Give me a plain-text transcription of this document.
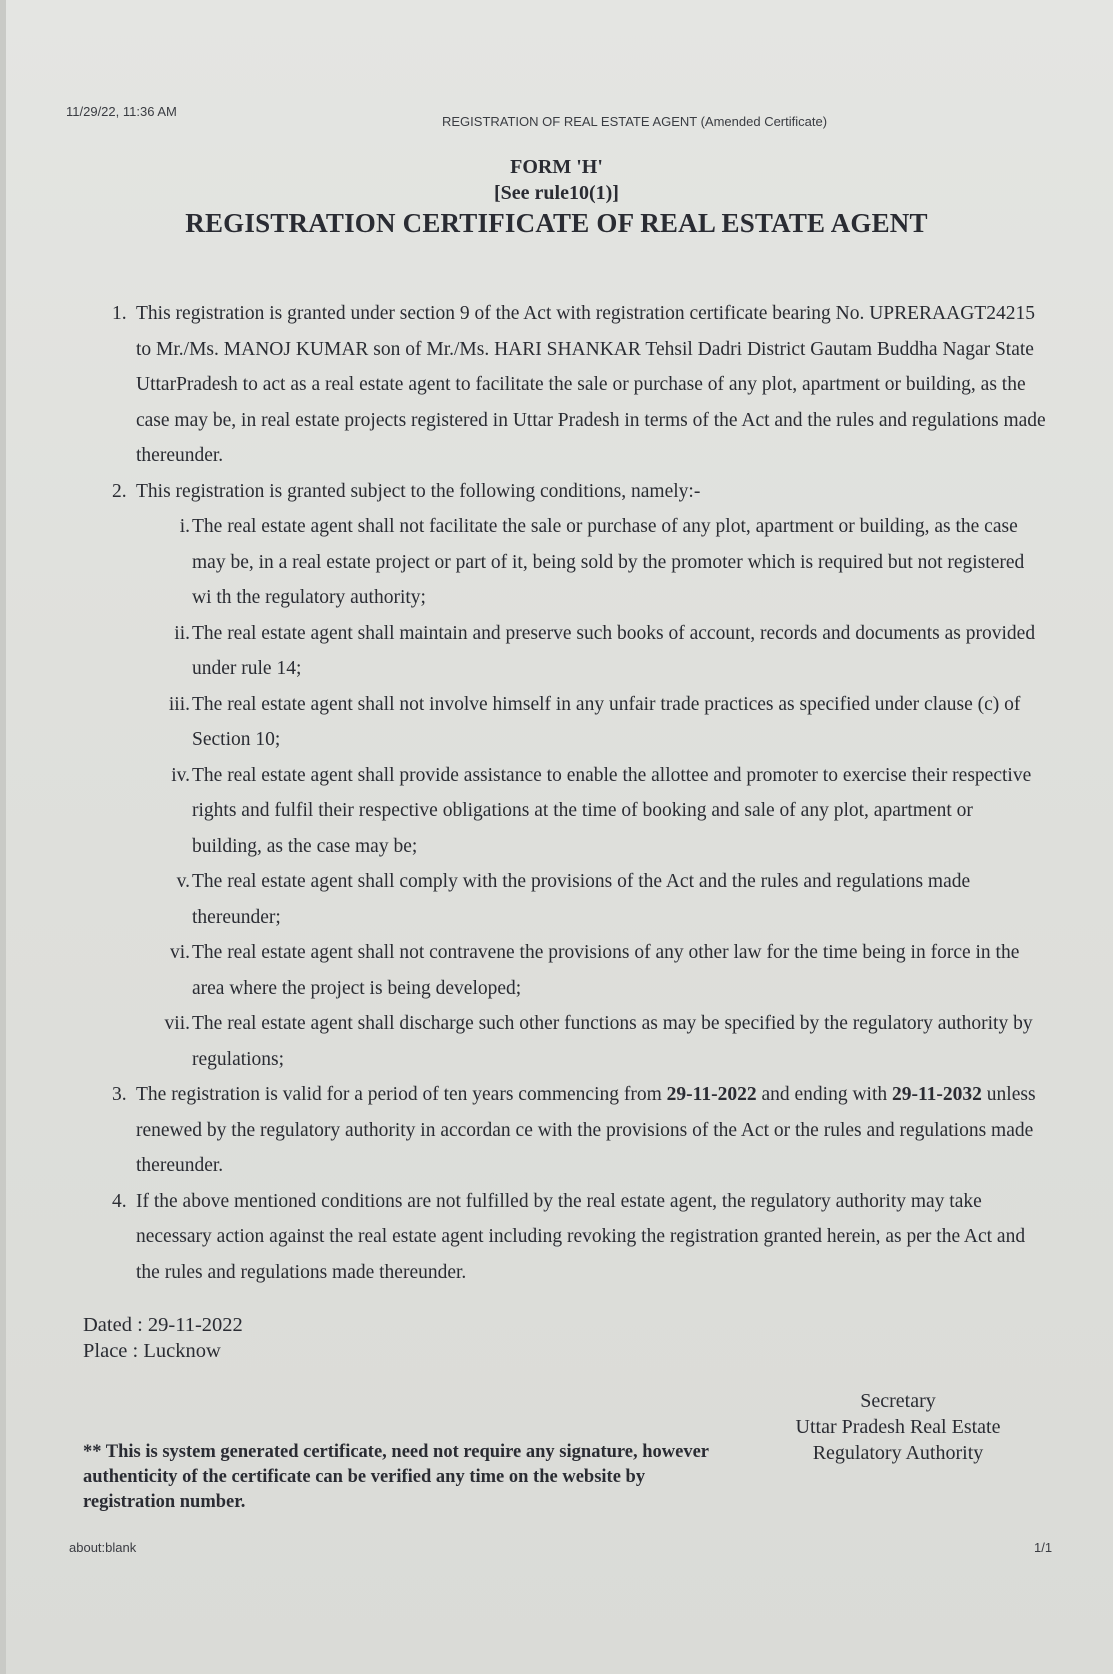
11/29/22, 11:36 AM
REGISTRATION OF REAL ESTATE AGENT (Amended Certificate)
FORM 'H'
[See rule10(1)]
REGISTRATION CERTIFICATE OF REAL ESTATE AGENT
1. This registration is granted under section 9 of the Act with registration certificate bearing No. UPRERAAGT24215 to Mr./Ms. MANOJ KUMAR son of Mr./Ms. HARI SHANKAR Tehsil Dadri District Gautam Buddha Nagar State UttarPradesh to act as a real estate agent to facilitate the sale or purchase of any plot, apartment or building, as the case may be, in real estate projects registered in Uttar Pradesh in terms of the Act and the rules and regulations made thereunder.
2. This registration is granted subject to the following conditions, namely:-
i. The real estate agent shall not facilitate the sale or purchase of any plot, apartment or building, as the case may be, in a real estate project or part of it, being sold by the promoter which is required but not registered wi th the regulatory authority;
ii. The real estate agent shall maintain and preserve such books of account, records and documents as provided under rule 14;
iii. The real estate agent shall not involve himself in any unfair trade practices as specified under clause (c) of Section 10;
iv. The real estate agent shall provide assistance to enable the allottee and promoter to exercise their respective rights and fulfil their respective obligations at the time of booking and sale of any plot, apartment or building, as the case may be;
v. The real estate agent shall comply with the provisions of the Act and the rules and regulations made thereunder;
vi. The real estate agent shall not contravene the provisions of any other law for the time being in force in the area where the project is being developed;
vii. The real estate agent shall discharge such other functions as may be specified by the regulatory authority by regulations;
3. The registration is valid for a period of ten years commencing from 29-11-2022 and ending with 29-11-2032 unless renewed by the regulatory authority in accordan ce with the provisions of the Act or the rules and regulations made thereunder.
4. If the above mentioned conditions are not fulfilled by the real estate agent, the regulatory authority may take necessary action against the real estate agent including revoking the registration granted herein, as per the Act and the rules and regulations made thereunder.
Dated : 29-11-2022
Place : Lucknow
Secretary
Uttar Pradesh Real Estate
Regulatory Authority
** This is system generated certificate, need not require any signature, however authenticity of the certificate can be verified any time on the website by registration number.
about:blank	1/1
